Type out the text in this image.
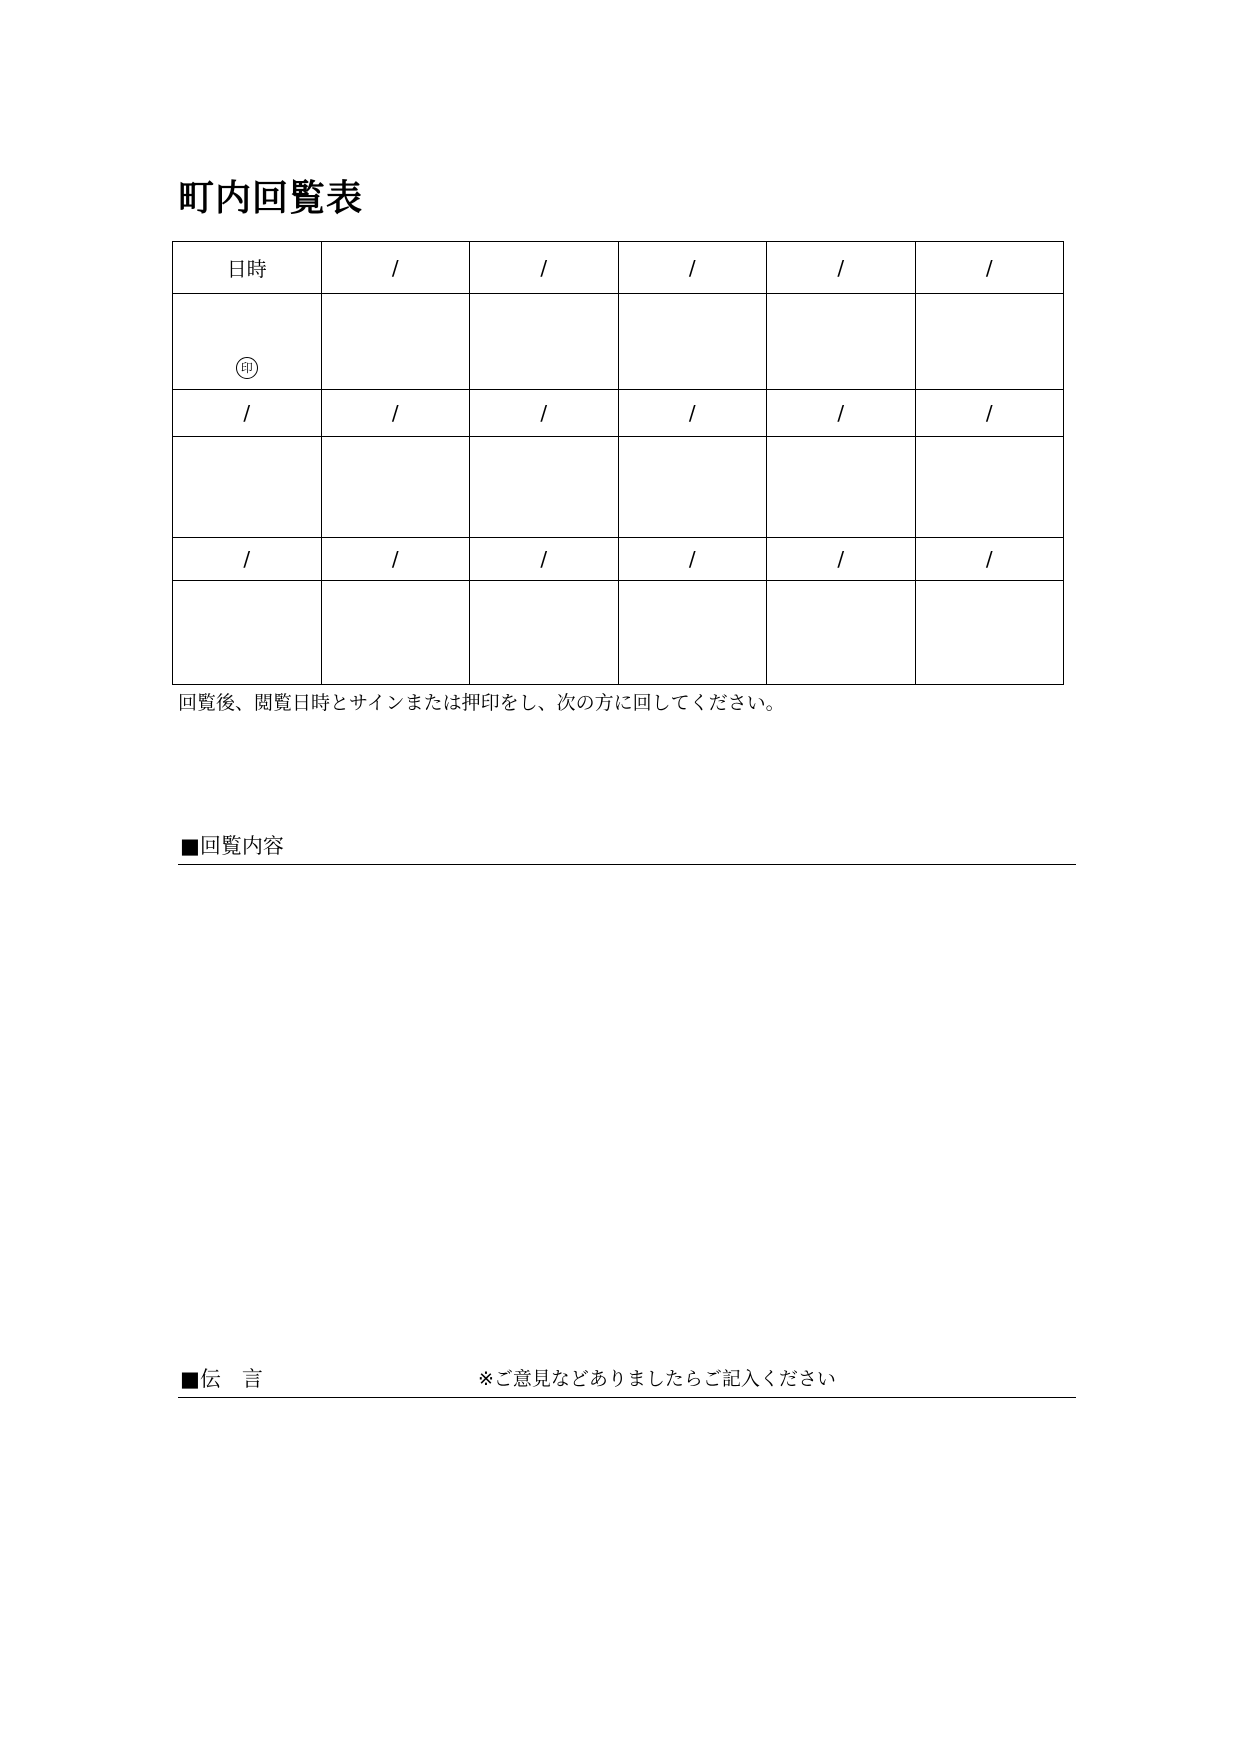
町内回覧表
日時	/	/	/	/	/

印					

/	/	/	/	/	/

/	/	/	/	/	/

回覧後、閲覧日時とサインまたは押印をし、次の方に回してください。

■回覧内容
■伝　言	※ご意見などありましたらご記入ください
